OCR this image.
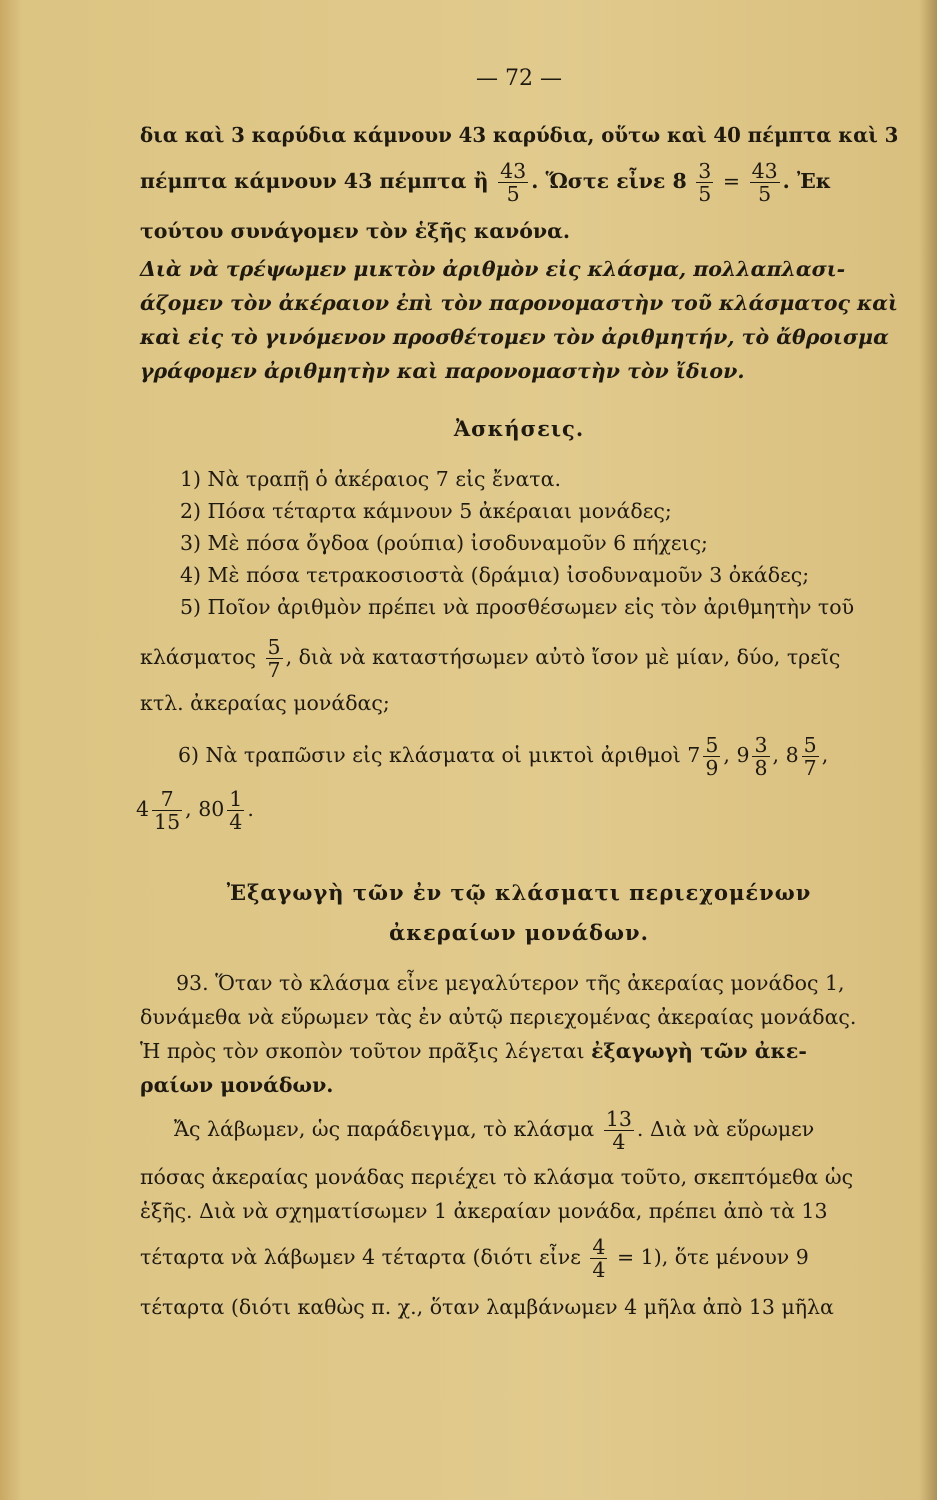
— 72 —
δια καὶ 3 καρύδια κάμνουν 43 καρύδια, οὕτω καὶ 40 πέμπτα καὶ 3
πέμπτα κάμνουν 43 πέμπτα ἢ $\frac{43}{5}$ . Ὥστε εἶνε $8 \frac{3}{5} = \frac{43}{5}$ . Ἐκ
τούτου συνάγομεν τὸν ἑξῆς κανόνα.
Διὰ νὰ τρέψωμεν μικτὸν ἀριθμὸν εἰς κλάσμα, πολλαπλασι-
άζομεν τὸν ἀκέραιον ἐπὶ τὸν παρονομαστὴν τοῦ κλάσματος καὶ
καὶ εἰς τὸ γινόμενον προσθέτομεν τὸν ἀριθμητήν, τὸ ἄθροισμα
γράφομεν ἀριθμητὴν καὶ παρονομαστὴν τὸν ἴδιον.
Ἀσκήσεις.
1) Νὰ τραπῇ ὁ ἀκέραιος 7 εἰς ἔνατα.
2) Πόσα τέταρτα κάμνουν 5 ἀκέραιαι μονάδες;
3) Μὲ πόσα ὄγδοα (ρούπια) ἰσοδυναμοῦν 6 πήχεις;
4) Μὲ πόσα τετρακοσιοστὰ (δράμια) ἰσοδυναμοῦν 3 ὀκάδες;
5) Ποῖον ἀριθμὸν πρέπει νὰ προσθέσωμεν εἰς τὸν ἀριθμητὴν τοῦ
κλάσματος $\frac{5}{7}$ , διὰ νὰ καταστήσωμεν αὐτὸ ἴσον μὲ μίαν, δύο, τρεῖς
κτλ. ἀκεραίας μονάδας;
6) Νὰ τραπῶσιν εἰς κλάσματα οἱ μικτοὶ ἀριθμοὶ $7 \frac{5}{9}$ , $9 \frac{3}{8}$ , $8 \frac{5}{7}$ ,
$4 \frac{7}{15}$ , $80 \frac{1}{4}$ .
Ἐξαγωγὴ τῶν ἐν τῷ κλάσματι περιεχομένων
ἀκεραίων μονάδων.
93. Ὅταν τὸ κλάσμα εἶνε μεγαλύτερον τῆς ἀκεραίας μονάδος 1,
δυνάμεθα νὰ εὕρωμεν τὰς ἐν αὐτῷ περιεχομένας ἀκεραίας μονάδας.
Ἡ πρὸς τὸν σκοπὸν τοῦτον πρᾶξις λέγεται ἐξαγωγὴ τῶν ἀκε-
ραίων μονάδων.
Ἄς λάβωμεν, ὡς παράδειγμα, τὸ κλάσμα $\frac{13}{4}$ . Διὰ νὰ εὕρωμεν
πόσας ἀκεραίας μονάδας περιέχει τὸ κλάσμα τοῦτο, σκεπτόμεθα ὡς
ἑξῆς. Διὰ νὰ σχηματίσωμεν 1 ἀκεραίαν μονάδα, πρέπει ἀπὸ τὰ 13
τέταρτα νὰ λάβωμεν 4 τέταρτα (διότι εἶνε $\frac{4}{4} = 1$), ὅτε μένουν 9
τέταρτα (διότι καθὼς π. χ., ὅταν λαμβάνωμεν 4 μῆλα ἀπὸ 13 μῆλα
